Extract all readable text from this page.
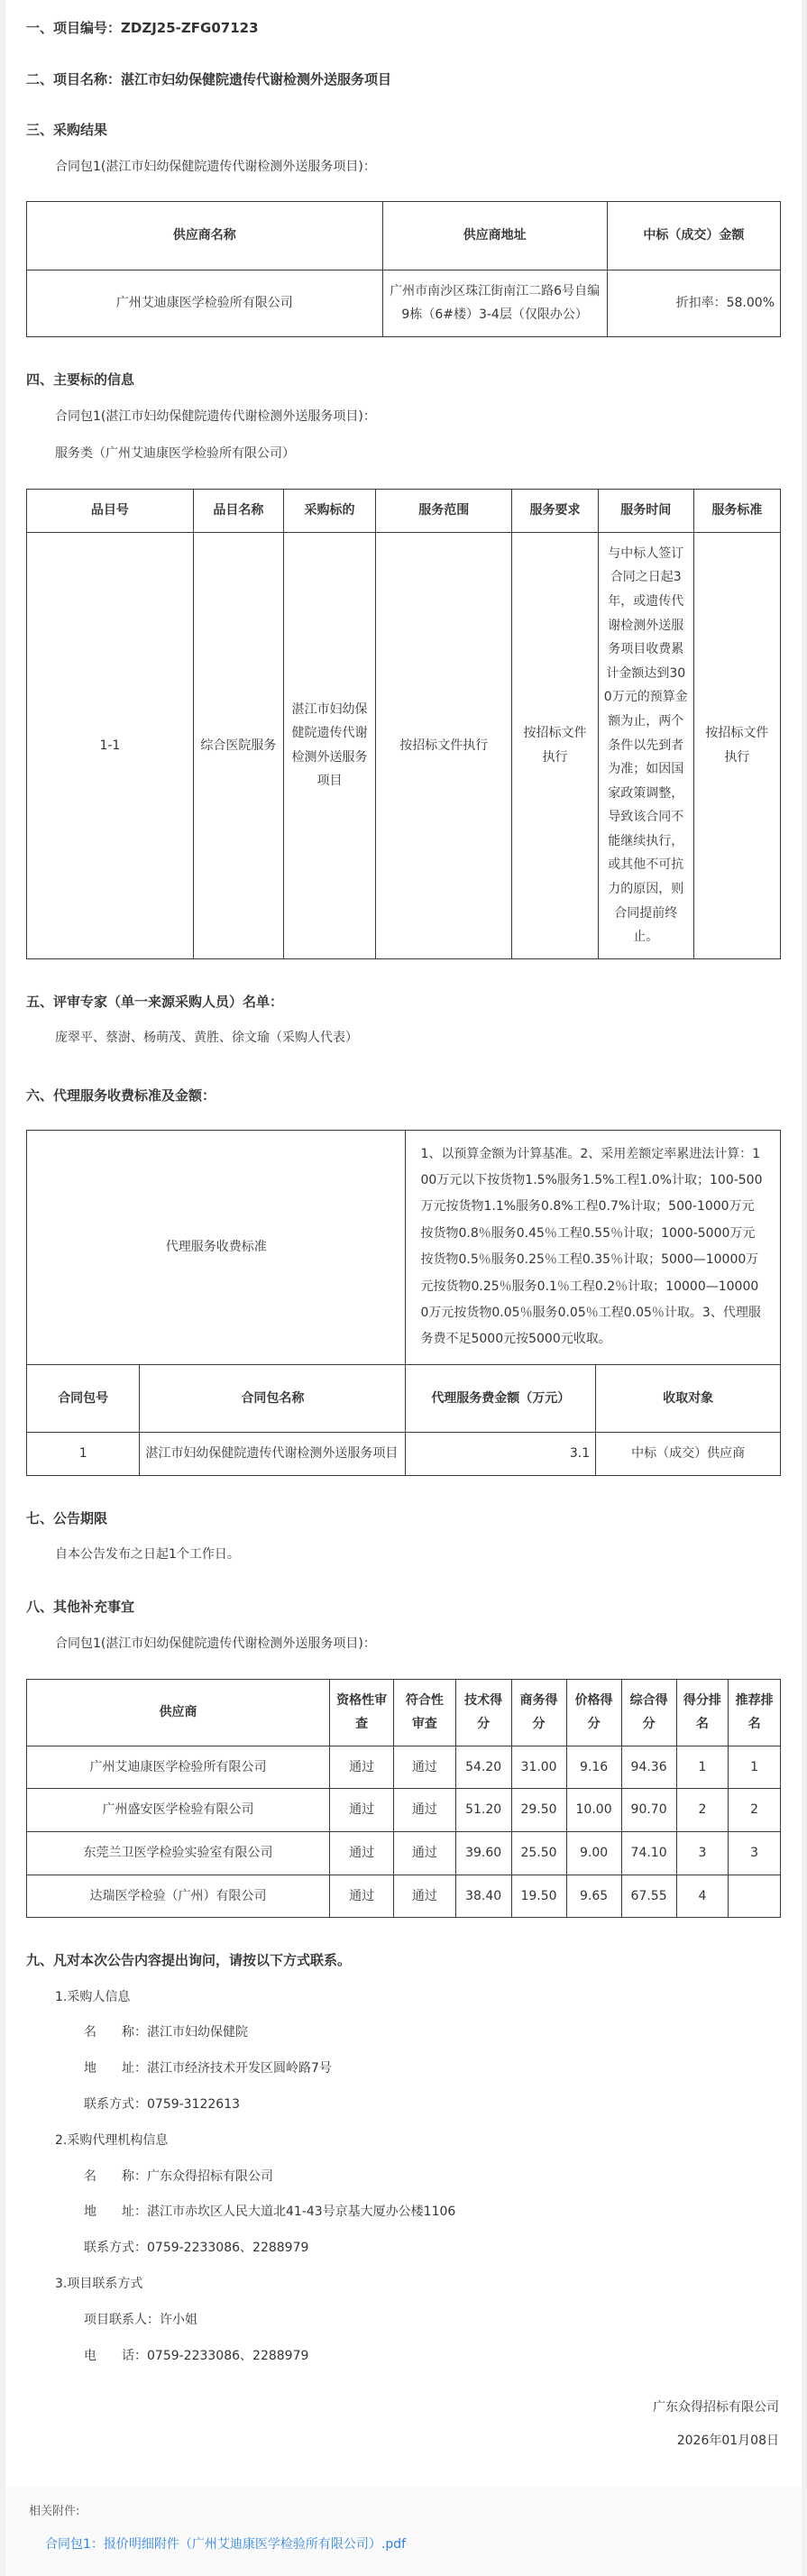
一、项目编号：ZDZJ25-ZFG07123
二、项目名称：湛江市妇幼保健院遗传代谢检测外送服务项目
三、采购结果
合同包1(湛江市妇幼保健院遗传代谢检测外送服务项目)：
供应商名称	供应商地址	中标（成交）金额
广州艾迪康医学检验所有限公司	广州市南沙区珠江街南江二路6号自编9栋（6#楼）3-4层（仅限办公）	折扣率：58.00%
四、主要标的信息
合同包1(湛江市妇幼保健院遗传代谢检测外送服务项目)：
服务类（广州艾迪康医学检验所有限公司）
品目号	品目名称	采购标的	服务范围	服务要求	服务时间	服务标准
1-1	综合医院服务	湛江市妇幼保健院遗传代谢检测外送服务项目	按招标文件执行	按招标文件执行	与中标人签订合同之日起3年，或遗传代谢检测外送服务项目收费累计金额达到300万元的预算金额为止，两个条件以先到者为准；如因国家政策调整，导致该合同不能继续执行，或其他不可抗力的原因，则合同提前终止。	按招标文件执行
五、评审专家（单一来源采购人员）名单：
庞翠平、蔡澍、杨萌茂、黄胜、徐文瑜（采购人代表）
六、代理服务收费标准及金额：
代理服务收费标准		1、以预算金额为计算基准。2、采用差额定率累进法计算：100万元以下按货物1.5%服务1.5%工程1.0%计取；100-500万元按货物1.1%服务0.8%工程0.7%计取；500-1000万元按货物0.8％服务0.45％工程0.55％计取；1000-5000万元按货物0.5％服务0.25％工程0.35％计取；5000—10000万元按货物0.25％服务0.1％工程0.2％计取；10000—100000万元按货物0.05％服务0.05％工程0.05％计取。3、代理服务费不足5000元按5000元收取。	
合同包号	合同包名称	代理服务费金额（万元）	收取对象
1	湛江市妇幼保健院遗传代谢检测外送服务项目	3.1	中标（成交）供应商
七、公告期限
自本公告发布之日起1个工作日。
八、其他补充事宜
合同包1(湛江市妇幼保健院遗传代谢检测外送服务项目)：
供应商	资格性审查	符合性审查	技术得分	商务得分	价格得分	综合得分	得分排名	推荐排名
广州艾迪康医学检验所有限公司	通过	通过	54.20	31.00	9.16	94.36	1	1
广州盛安医学检验有限公司	通过	通过	51.20	29.50	10.00	90.70	2	2
东莞兰卫医学检验实验室有限公司	通过	通过	39.60	25.50	9.00	74.10	3	3
达瑞医学检验（广州）有限公司	通过	通过	38.40	19.50	9.65	67.55	4	
九、凡对本次公告内容提出询问，请按以下方式联系。
1.采购人信息
名　　称：湛江市妇幼保健院
地　　址：湛江市经济技术开发区圆岭路7号
联系方式：0759-3122613
2.采购代理机构信息
名　　称：广东众得招标有限公司
地　　址：湛江市赤坎区人民大道北41-43号京基大厦办公楼1106
联系方式：0759-2233086、2288979
3.项目联系方式
项目联系人：许小姐
电　　话：0759-2233086、2288979
广东众得招标有限公司
2026年01月08日
相关附件:
合同包1：报价明细附件（广州艾迪康医学检验所有限公司）.pdf
